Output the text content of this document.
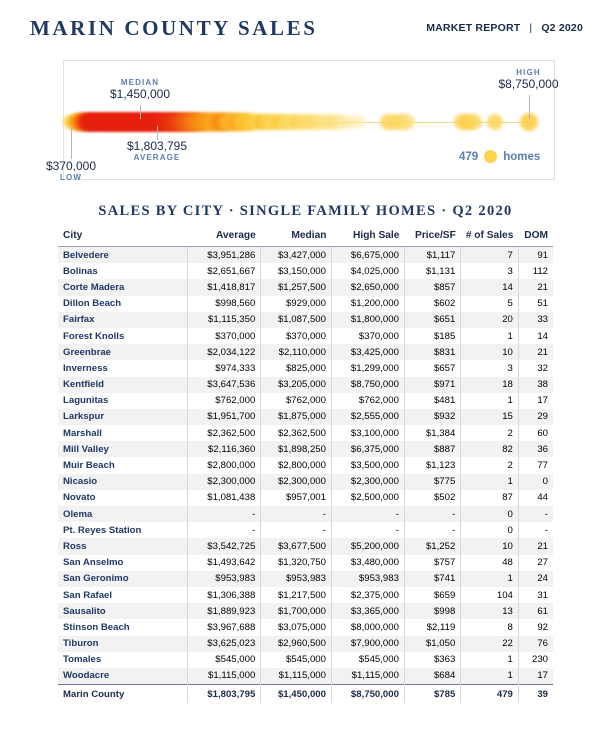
MARIN COUNTY SALES	MARKET REPORT | Q2 2020
MEDIAN
$1,450,000
HIGH
$8,750,000
$1,803,795
AVERAGE
$370,000
LOW
479 homes
SALES BY CITY · SINGLE FAMILY HOMES · Q2 2020
City	Average	Median	High Sale	Price/SF	# of Sales	DOM
Belvedere	$3,951,286	$3,427,000	$6,675,000	$1,117	7	91
Bolinas	$2,651,667	$3,150,000	$4,025,000	$1,131	3	112
Corte Madera	$1,418,817	$1,257,500	$2,650,000	$857	14	21
Dillon Beach	$998,560	$929,000	$1,200,000	$602	5	51
Fairfax	$1,115,350	$1,087,500	$1,800,000	$651	20	33
Forest Knolls	$370,000	$370,000	$370,000	$185	1	14
Greenbrae	$2,034,122	$2,110,000	$3,425,000	$831	10	21
Inverness	$974,333	$825,000	$1,299,000	$657	3	32
Kentfield	$3,647,536	$3,205,000	$8,750,000	$971	18	38
Lagunitas	$762,000	$762,000	$762,000	$481	1	17
Larkspur	$1,951,700	$1,875,000	$2,555,000	$932	15	29
Marshall	$2,362,500	$2,362,500	$3,100,000	$1,384	2	60
Mill Valley	$2,116,360	$1,898,250	$6,375,000	$887	82	36
Muir Beach	$2,800,000	$2,800,000	$3,500,000	$1,123	2	77
Nicasio	$2,300,000	$2,300,000	$2,300,000	$775	1	0
Novato	$1,081,438	$957,001	$2,500,000	$502	87	44
Olema	-	-	-	-	0	-
Pt. Reyes Station	-	-	-	-	0	-
Ross	$3,542,725	$3,677,500	$5,200,000	$1,252	10	21
San Anselmo	$1,493,642	$1,320,750	$3,480,000	$757	48	27
San Geronimo	$953,983	$953,983	$953,983	$741	1	24
San Rafael	$1,306,388	$1,217,500	$2,375,000	$659	104	31
Sausalito	$1,889,923	$1,700,000	$3,365,000	$998	13	61
Stinson Beach	$3,967,688	$3,075,000	$8,000,000	$2,119	8	92
Tiburon	$3,625,023	$2,960,500	$7,900,000	$1,050	22	76
Tomales	$545,000	$545,000	$545,000	$363	1	230
Woodacre	$1,115,000	$1,115,000	$1,115,000	$684	1	17
Marin County	$1,803,795	$1,450,000	$8,750,000	$785	479	39
